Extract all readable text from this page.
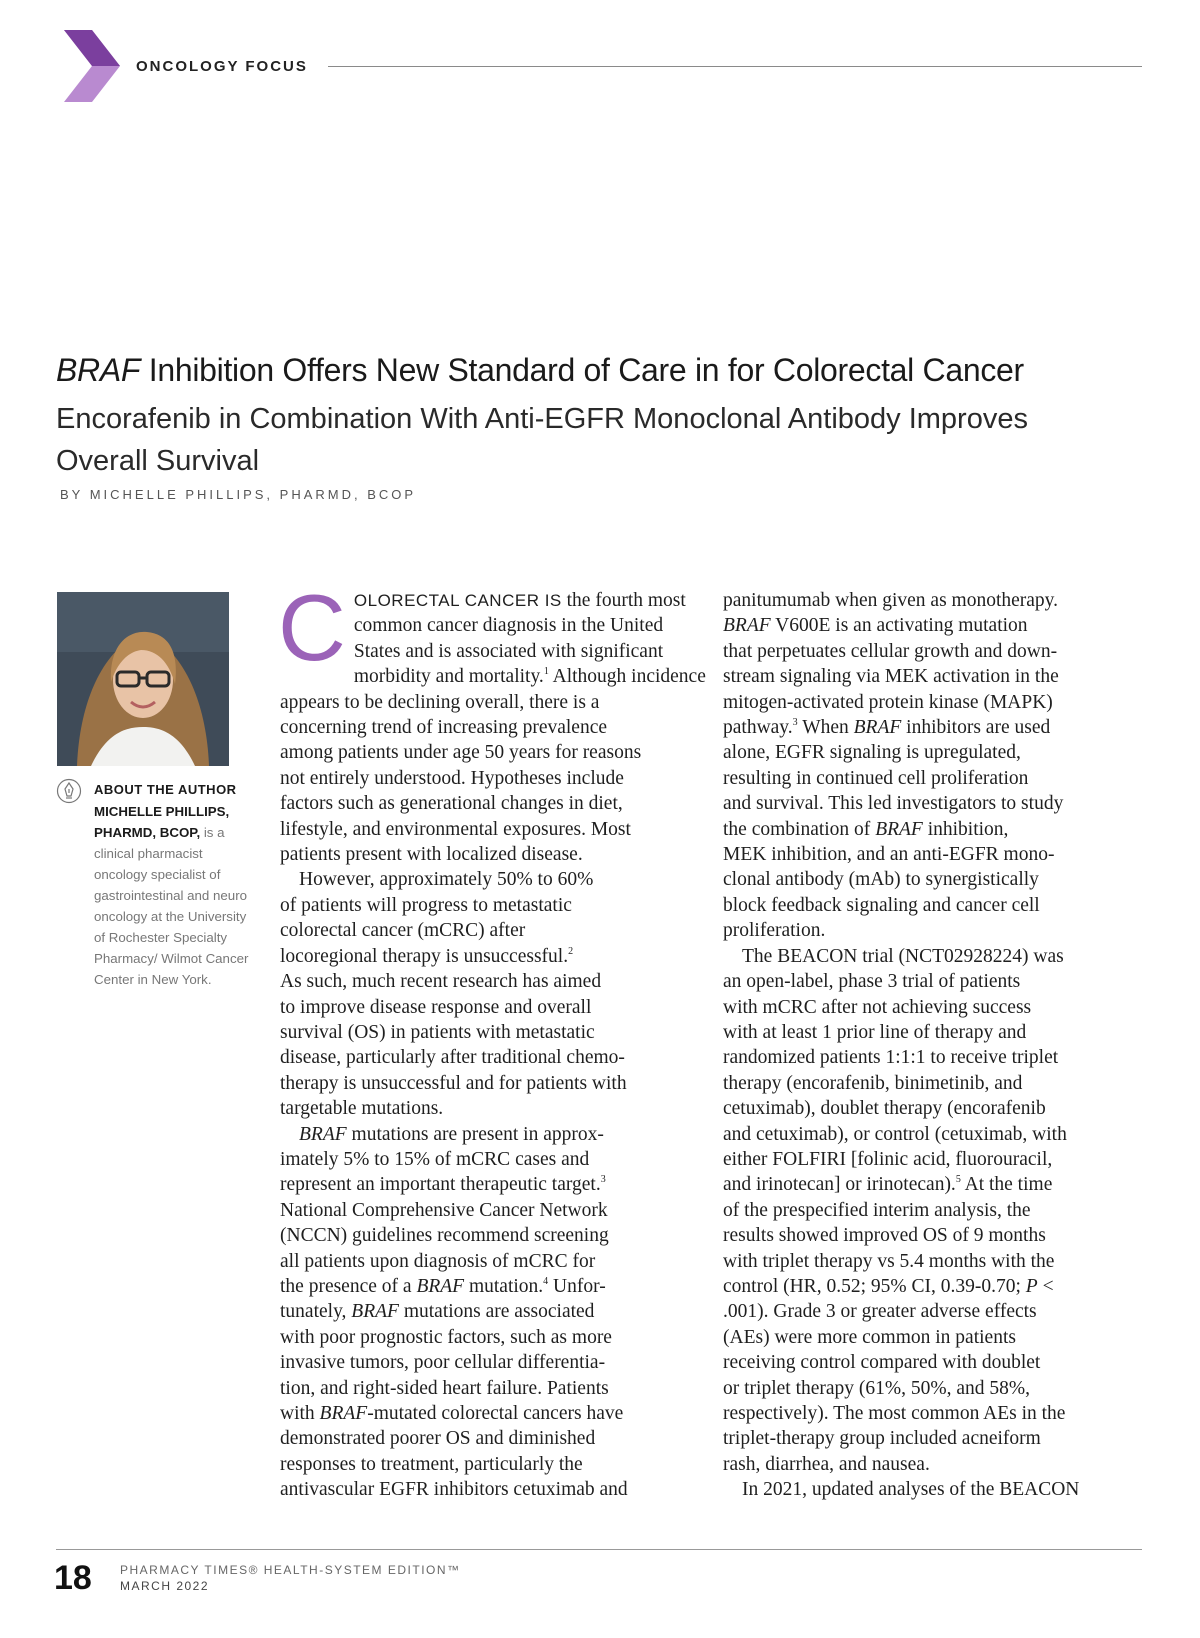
ONCOLOGY FOCUS
BRAF Inhibition Offers New Standard of Care in for Colorectal Cancer
Encorafenib in Combination With Anti-EGFR Monoclonal Antibody Improves Overall Survival
BY MICHELLE PHILLIPS, PHARMD, BCOP
ABOUT THE AUTHOR
MICHELLE PHILLIPS, PHARMD, BCOP, is a clinical pharmacist oncology specialist of gastrointestinal and neuro oncology at the University of Rochester Specialty Pharmacy/ Wilmot Cancer Center in New York.
C OLORECTAL CANCER IS the fourth most
common cancer diagnosis in the United
States and is associated with significant
morbidity and mortality.$^1$ Although incidence
appears to be declining overall, there is a
concerning trend of increasing prevalence
among patients under age 50 years for reasons
not entirely understood. Hypotheses include
factors such as generational changes in diet,
lifestyle, and environmental exposures. Most
patients present with localized disease.
However, approximately 50% to 60%
of patients will progress to metastatic
colorectal cancer (mCRC) after
locoregional therapy is unsuccessful.$^2$
As such, much recent research has aimed
to improve disease response and overall
survival (OS) in patients with metastatic
disease, particularly after traditional chemo-
therapy is unsuccessful and for patients with
targetable mutations.
BRAF mutations are present in approx-
imately 5% to 15% of mCRC cases and
represent an important therapeutic target.$^3$
National Comprehensive Cancer Network
(NCCN) guidelines recommend screening
all patients upon diagnosis of mCRC for
the presence of a BRAF mutation.$^4$ Unfor-
tunately, BRAF mutations are associated
with poor prognostic factors, such as more
invasive tumors, poor cellular differentia-
tion, and right-sided heart failure. Patients
with BRAF-mutated colorectal cancers have
demonstrated poorer OS and diminished
responses to treatment, particularly the
antivascular EGFR inhibitors cetuximab and
panitumumab when given as monotherapy.
BRAF V600E is an activating mutation
that perpetuates cellular growth and down-
stream signaling via MEK activation in the
mitogen-activated protein kinase (MAPK)
pathway.$^3$ When BRAF inhibitors are used
alone, EGFR signaling is upregulated,
resulting in continued cell proliferation
and survival. This led investigators to study
the combination of BRAF inhibition,
MEK inhibition, and an anti-EGFR mono-
clonal antibody (mAb) to synergistically
block feedback signaling and cancer cell
proliferation.
The BEACON trial (NCT02928224) was
an open-label, phase 3 trial of patients
with mCRC after not achieving success
with at least 1 prior line of therapy and
randomized patients 1:1:1 to receive triplet
therapy (encorafenib, binimetinib, and
cetuximab), doublet therapy (encorafenib
and cetuximab), or control (cetuximab, with
either FOLFIRI [folinic acid, fluorouracil,
and irinotecan] or irinotecan).$^5$ At the time
of the prespecified interim analysis, the
results showed improved OS of 9 months
with triplet therapy vs 5.4 months with the
control (HR, 0.52; 95% CI, 0.39-0.70; P <
.001). Grade 3 or greater adverse effects
(AEs) were more common in patients
receiving control compared with doublet
or triplet therapy (61%, 50%, and 58%,
respectively). The most common AEs in the
triplet-therapy group included acneiform
rash, diarrhea, and nausea.
In 2021, updated analyses of the BEACON
18 PHARMACY TIMES® HEALTH-SYSTEM EDITION™
MARCH 2022
